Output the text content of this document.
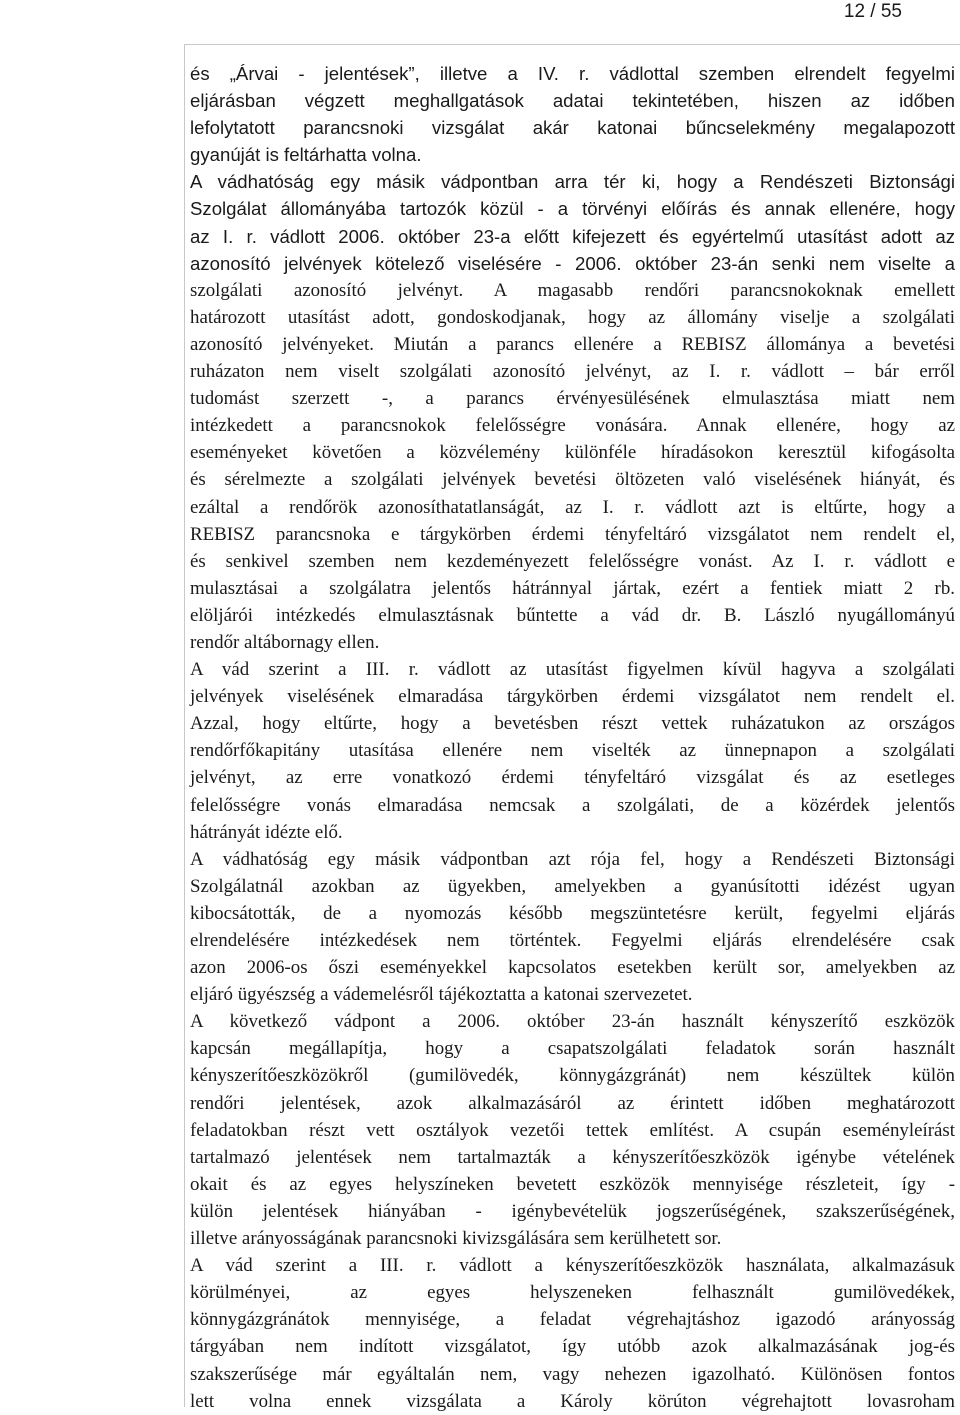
12 / 55
és „Árvai - jelentések”, illetve a IV. r. vádlottal szemben elrendelt fegyelmi
eljárásban végzett meghallgatások adatai tekintetében, hiszen az időben
lefolytatott parancsnoki vizsgálat akár katonai bűncselekmény megalapozott
gyanúját is feltárhatta volna.
A vádhatóság egy másik vádpontban arra tér ki, hogy a Rendészeti Biztonsági
Szolgálat állományába tartozók közül - a törvényi előírás és annak ellenére, hogy
az I. r. vádlott 2006. október 23-a előtt kifejezett és egyértelmű utasítást adott az
azonosító jelvények kötelező viselésére - 2006. október 23-án senki nem viselte a
szolgálati azonosító jelvényt. A magasabb rendőri parancsnokoknak emellett
határozott utasítást adott, gondoskodjanak, hogy az állomány viselje a szolgálati
azonosító jelvényeket. Miután a parancs ellenére a REBISZ állománya a bevetési
ruházaton nem viselt szolgálati azonosító jelvényt, az I. r. vádlott – bár erről
tudomást szerzett -, a parancs érvényesülésének elmulasztása miatt nem
intézkedett a parancsnokok felelősségre vonására. Annak ellenére, hogy az
eseményeket követően a közvélemény különféle híradásokon keresztül kifogásolta
és sérelmezte a szolgálati jelvények bevetési öltözeten való viselésének hiányát, és
ezáltal a rendőrök azonosíthatatlanságát, az I. r. vádlott azt is eltűrte, hogy a
REBISZ parancsnoka e tárgykörben érdemi tényfeltáró vizsgálatot nem rendelt el,
és senkivel szemben nem kezdeményezett felelősségre vonást. Az I. r. vádlott e
mulasztásai a szolgálatra jelentős hátránnyal jártak, ezért a fentiek miatt 2 rb.
elöljárói intézkedés elmulasztásnak bűntette a vád dr. B. László nyugállományú
rendőr altábornagy ellen.
A vád szerint a III. r. vádlott az utasítást figyelmen kívül hagyva a szolgálati
jelvények viselésének elmaradása tárgykörben érdemi vizsgálatot nem rendelt el.
Azzal, hogy eltűrte, hogy a bevetésben részt vettek ruházatukon az országos
rendőrfőkapitány utasítása ellenére nem viselték az ünnepnapon a szolgálati
jelvényt, az erre vonatkozó érdemi tényfeltáró vizsgálat és az esetleges
felelősségre vonás elmaradása nemcsak a szolgálati, de a közérdek jelentős
hátrányát idézte elő.
A vádhatóság egy másik vádpontban azt rója fel, hogy a Rendészeti Biztonsági
Szolgálatnál azokban az ügyekben, amelyekben a gyanúsítotti idézést ugyan
kibocsátották, de a nyomozás később megszüntetésre került, fegyelmi eljárás
elrendelésére intézkedések nem történtek. Fegyelmi eljárás elrendelésére csak
azon 2006-os őszi eseményekkel kapcsolatos esetekben került sor, amelyekben az
eljáró ügyészség a vádemelésről tájékoztatta a katonai szervezetet.
A következő vádpont a 2006. október 23-án használt kényszerítő eszközök
kapcsán megállapítja, hogy a csapatszolgálati feladatok során használt
kényszerítőeszközökről (gumilövedék, könnygázgránát) nem készültek külön
rendőri jelentések, azok alkalmazásáról az érintett időben meghatározott
feladatokban részt vett osztályok vezetői tettek említést. A csupán eseményleírást
tartalmazó jelentések nem tartalmazták a kényszerítőeszközök igénybe vételének
okait és az egyes helyszíneken bevetett eszközök mennyisége részleteit, így -
külön jelentések hiányában - igénybevételük jogszerűségének, szakszerűségének,
illetve arányosságának parancsnoki kivizsgálására sem kerülhetett sor.
A vád szerint a III. r. vádlott a kényszerítőeszközök használata, alkalmazásuk
körülményei, az egyes helyszeneken felhasznált gumilövedékek,
könnygázgránátok mennyisége, a feladat végrehajtáshoz igazodó arányosság
tárgyában nem indított vizsgálatot, így utóbb azok alkalmazásának jog-és
szakszerűsége már egyáltalán nem, vagy nehezen igazolható. Különösen fontos
lett volna ennek vizsgálata a Károly körúton végrehajtott lovasroham
